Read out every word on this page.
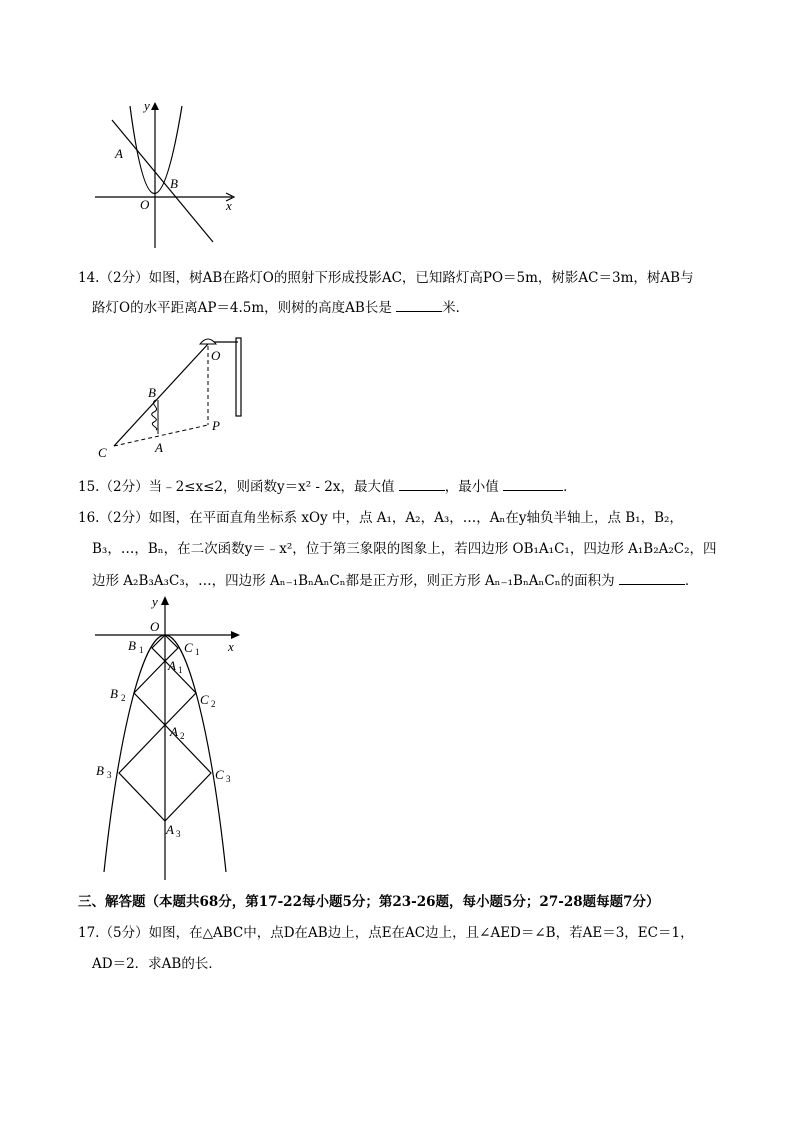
y
A
B
O	x
14.（2分）如图，树AB在路灯O的照射下形成投影AC，已知路灯高PO＝5m，树影AC＝3m，树AB与
路灯O的水平距离AP＝4.5m，则树的高度AB长是	米．
O
B
P
A
C
15.（2分）当﹣2≤x≤2，则函数y＝x² - 2x，最大值	，最小值	．
16.（2分）如图，在平面直角坐标系 xOy 中，点 A₁，A₂，A₃，…，Aₙ在y轴负半轴上，点 B₁，B₂，
B₃，…，Bₙ，在二次函数y＝﹣x²，位于第三象限的图象上，若四边形 OB₁A₁C₁，四边形 A₁B₂A₂C₂，四
边形 A₂B₃A₃C₃，…，四边形 Aₙ₋₁BₙAₙCₙ都是正方形，则正方形 Aₙ₋₁BₙAₙCₙ的面积为	．
y
O
x
B 1	C 1
A 1
B 2	C 2
A 2
B 3	C 3
A 3
三、解答题（本题共68分，第17-22每小题5分；第23-26题，每小题5分；27-28题每题7分）
17.（5分）如图，在△ABC中，点D在AB边上，点E在AC边上，且∠AED＝∠B，若AE＝3，EC＝1，
AD＝2．求AB的长．
